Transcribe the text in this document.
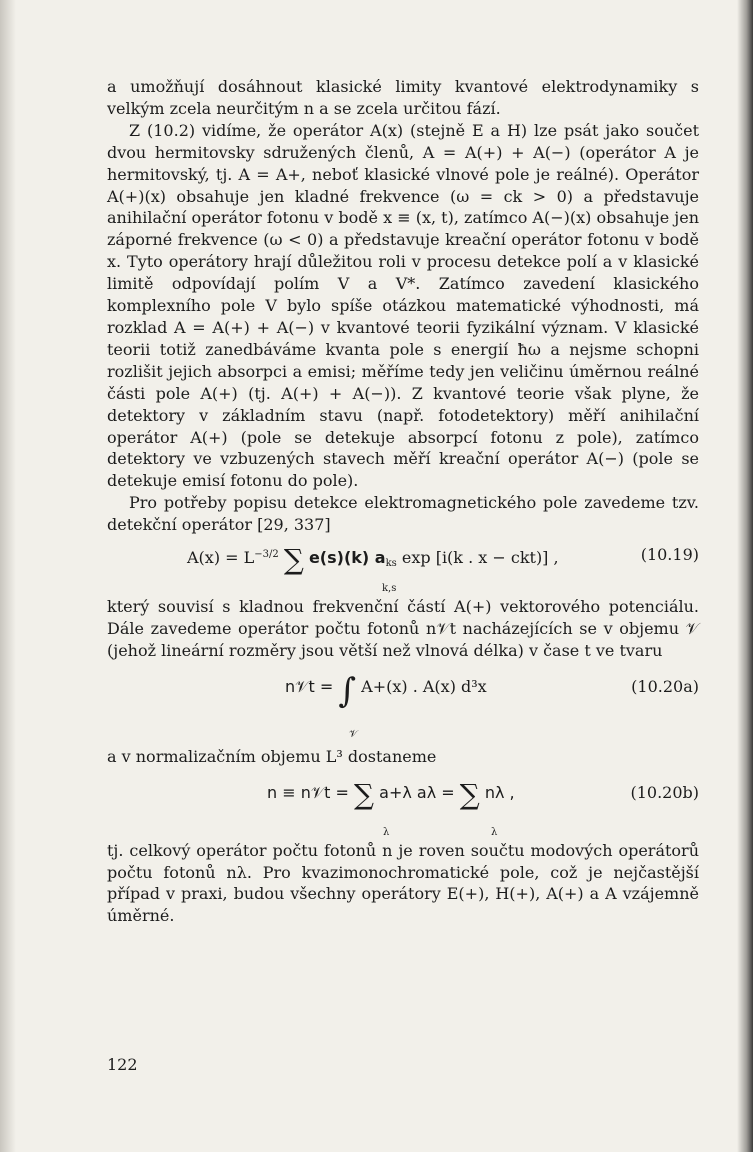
a umožňují dosáhnout klasické limity kvantové elektrodynamiky s velkým zcela neurčitým n a se zcela určitou fází.

Z (10.2) vidíme, že operátor A(x) (stejně E a H) lze psát jako součet dvou hermitovsky sdružených členů, A = A(+) + A(−) (operátor A je hermitovský, tj. A = A+, neboť klasické vlnové pole je reálné). Operátor A(+)(x) obsahuje jen kladné frekvence (ω = ck > 0) a představuje anihilační operátor fotonu v bodě x ≡ (x, t), zatímco A(−)(x) obsahuje jen záporné frekvence (ω < 0) a představuje kreační operátor fotonu v bodě x. Tyto operátory hrají důležitou roli v procesu detekce polí a v klasické limitě odpovídají polím V a V*. Zatímco zavedení klasického komplexního pole V bylo spíše otázkou matematické výhodnosti, má rozklad A = A(+) + A(−) v kvantové teorii fyzikální význam. V klasické teorii totiž zanedbáváme kvanta pole s energií ħω a nejsme schopni rozlišit jejich absorpci a emisi; měříme tedy jen veličinu úměrnou reálné části pole A(+) (tj. A(+) + A(−)). Z kvantové teorie však plyne, že detektory v základním stavu (např. fotodetektory) měří anihilační operátor A(+) (pole se detekuje absorpcí fotonu z pole), zatímco detektory ve vzbuzených stavech měří kreační operátor A(−) (pole se detekuje emisí fotonu do pole).

Pro potřeby popisu detekce elektromagnetického pole zavedeme tzv. detekční operátor [29, 337]

$A(x) = L^{-3/2}$ ∑ e(s)(k) $a_{ks}$ exp [i(k . x − ckt)] ,
k,s
(10.19)

který souvisí s kladnou frekvenční částí A(+) vektorového potenciálu. Dále zavedeme operátor počtu fotonů n𝒱t nacházejících se v objemu 𝒱 (jehož lineární rozměry jsou větší než vlnová délka) v čase t ve tvaru

n𝒱t = ∫ A+(x) . A(x) d³x
𝒱
(10.20a)

a v normalizačním objemu L³ dostaneme

n ≡ n𝒱t = ∑ a+λ aλ = ∑ nλ ,
λ	λ
(10.20b)

tj. celkový operátor počtu fotonů n je roven součtu modových operátorů počtu fotonů nλ. Pro kvazimonochromatické pole, což je nejčastější případ v praxi, budou všechny operátory E(+), H(+), A(+) a A vzájemně úměrné.

122
